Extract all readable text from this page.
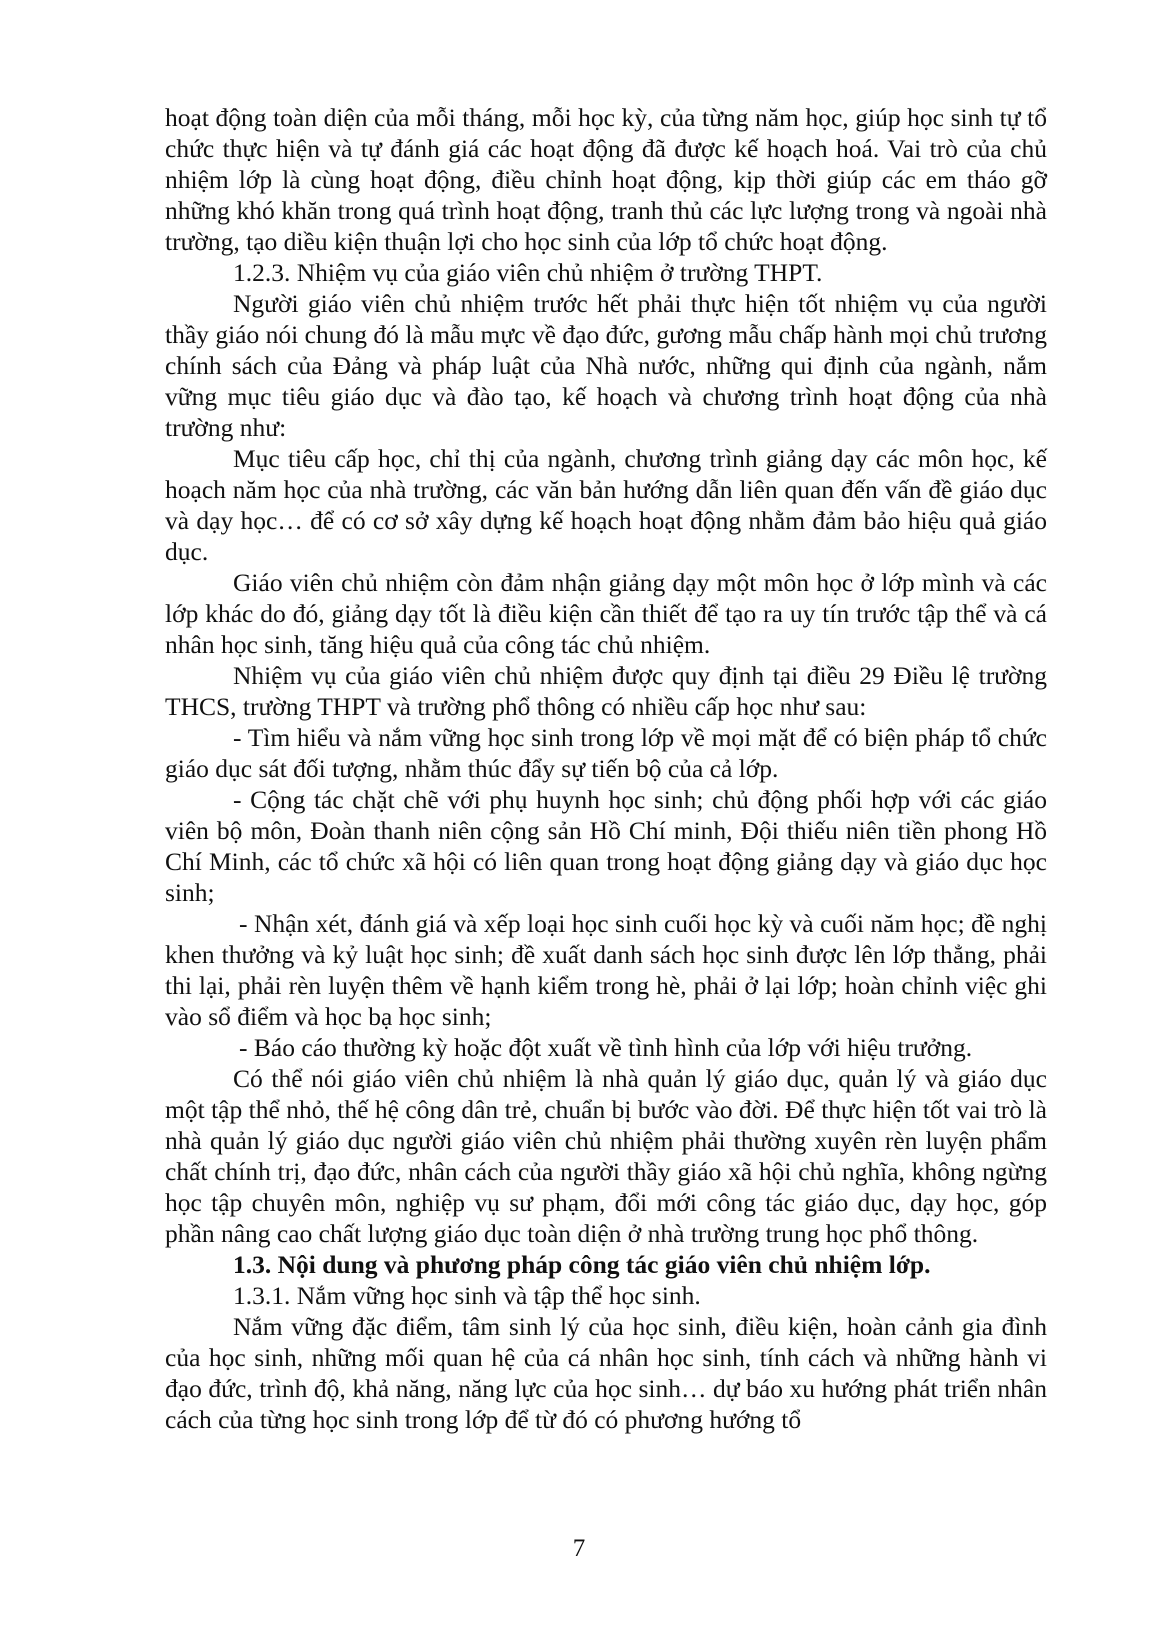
hoạt động toàn diện của mỗi tháng, mỗi học kỳ, của từng năm học, giúp học sinh tự tổ chức thực hiện và tự đánh giá các hoạt động đã được kế hoạch hoá. Vai trò của chủ nhiệm lớp là cùng hoạt động, điều chỉnh hoạt động, kịp thời giúp các em tháo gỡ những khó khăn trong quá trình hoạt động, tranh thủ các lực lượng trong và ngoài nhà trường, tạo diều kiện thuận lợi cho học sinh của lớp tổ chức hoạt động.

1.2.3. Nhiệm vụ của giáo viên chủ nhiệm ở trường THPT.

Người giáo viên chủ nhiệm trước hết phải thực hiện tốt nhiệm vụ của người thầy giáo nói chung đó là mẫu mực về đạo đức, gương mẫu chấp hành mọi chủ trương chính sách của Đảng và pháp luật của Nhà nước, những qui định của ngành, nắm vững mục tiêu giáo dục và đào tạo, kế hoạch và chương trình hoạt động của nhà trường như:

Mục tiêu cấp học, chỉ thị của ngành, chương trình giảng dạy các môn học, kế hoạch năm học của nhà trường, các văn bản hướng dẫn liên quan đến vấn đề giáo dục và dạy học… để có cơ sở xây dựng kế hoạch hoạt động nhằm đảm bảo hiệu quả giáo dục.

Giáo viên chủ nhiệm còn đảm nhận giảng dạy một môn học ở lớp mình và các lớp khác do đó, giảng dạy tốt là điều kiện cần thiết để tạo ra uy tín trước tập thể và cá nhân học sinh, tăng hiệu quả của công tác chủ nhiệm.

Nhiệm vụ của giáo viên chủ nhiệm được quy định tại điều 29 Điều lệ trường THCS, trường THPT và trường phổ thông có nhiều cấp học như sau:

- Tìm hiểu và nắm vững học sinh trong lớp về mọi mặt để có biện pháp tổ chức giáo dục sát đối tượng, nhằm thúc đẩy sự tiến bộ của cả lớp.

- Cộng tác chặt chẽ với phụ huynh học sinh; chủ động phối hợp với các giáo viên bộ môn, Đoàn thanh niên cộng sản Hồ Chí minh, Đội thiếu niên tiền phong Hồ Chí Minh, các tổ chức xã hội có liên quan trong hoạt động giảng dạy và giáo dục học sinh;

- Nhận xét, đánh giá và xếp loại học sinh cuối học kỳ và cuối năm học; đề nghị khen thưởng và kỷ luật học sinh; đề xuất danh sách học sinh được lên lớp thẳng, phải thi lại, phải rèn luyện thêm về hạnh kiểm trong hè, phải ở lại lớp; hoàn chỉnh việc ghi vào sổ điểm và học bạ học sinh;

- Báo cáo thường kỳ hoặc đột xuất về tình hình của lớp với hiệu trưởng.

Có thể nói giáo viên chủ nhiệm là nhà quản lý giáo dục, quản lý và giáo dục một tập thể nhỏ, thế hệ công dân trẻ, chuẩn bị bước vào đời. Để thực hiện tốt vai trò là nhà quản lý giáo dục người giáo viên chủ nhiệm phải thường xuyên rèn luyện phẩm chất chính trị, đạo đức, nhân cách của người thầy giáo xã hội chủ nghĩa, không ngừng học tập chuyên môn, nghiệp vụ sư phạm, đổi mới công tác giáo dục, dạy học, góp phần nâng cao chất lượng giáo dục toàn diện ở nhà trường trung học phổ thông.

1.3. Nội dung và phương pháp công tác giáo viên chủ nhiệm lớp.

1.3.1. Nắm vững học sinh và tập thể học sinh.

Nắm vững đặc điểm, tâm sinh lý của học sinh, điều kiện, hoàn cảnh gia đình của học sinh, những mối quan hệ của cá nhân học sinh, tính cách và những hành vi đạo đức, trình độ, khả năng, năng lực của học sinh… dự báo xu hướng phát triển nhân cách của từng học sinh trong lớp để từ đó có phương hướng tổ

7
